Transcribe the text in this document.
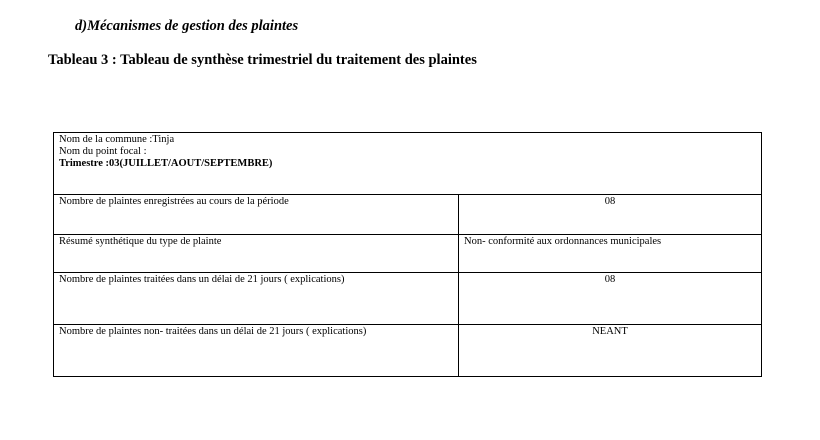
d)Mécanismes de gestion des plaintes
Tableau 3 : Tableau de synthèse trimestriel du traitement des plaintes
Nom de la commune :Tinja
Nom du point focal :
Trimestre :03(JUILLET/AOUT/SEPTEMBRE)	

Nombre de plaintes enregistrées au cours de la période	08
Résumé synthétique du type de plainte	Non- conformité aux ordonnances municipales
Nombre de plaintes traitées dans un délai de 21 jours ( explications)	08
Nombre de plaintes non- traitées dans un délai de 21 jours ( explications)	NEANT
